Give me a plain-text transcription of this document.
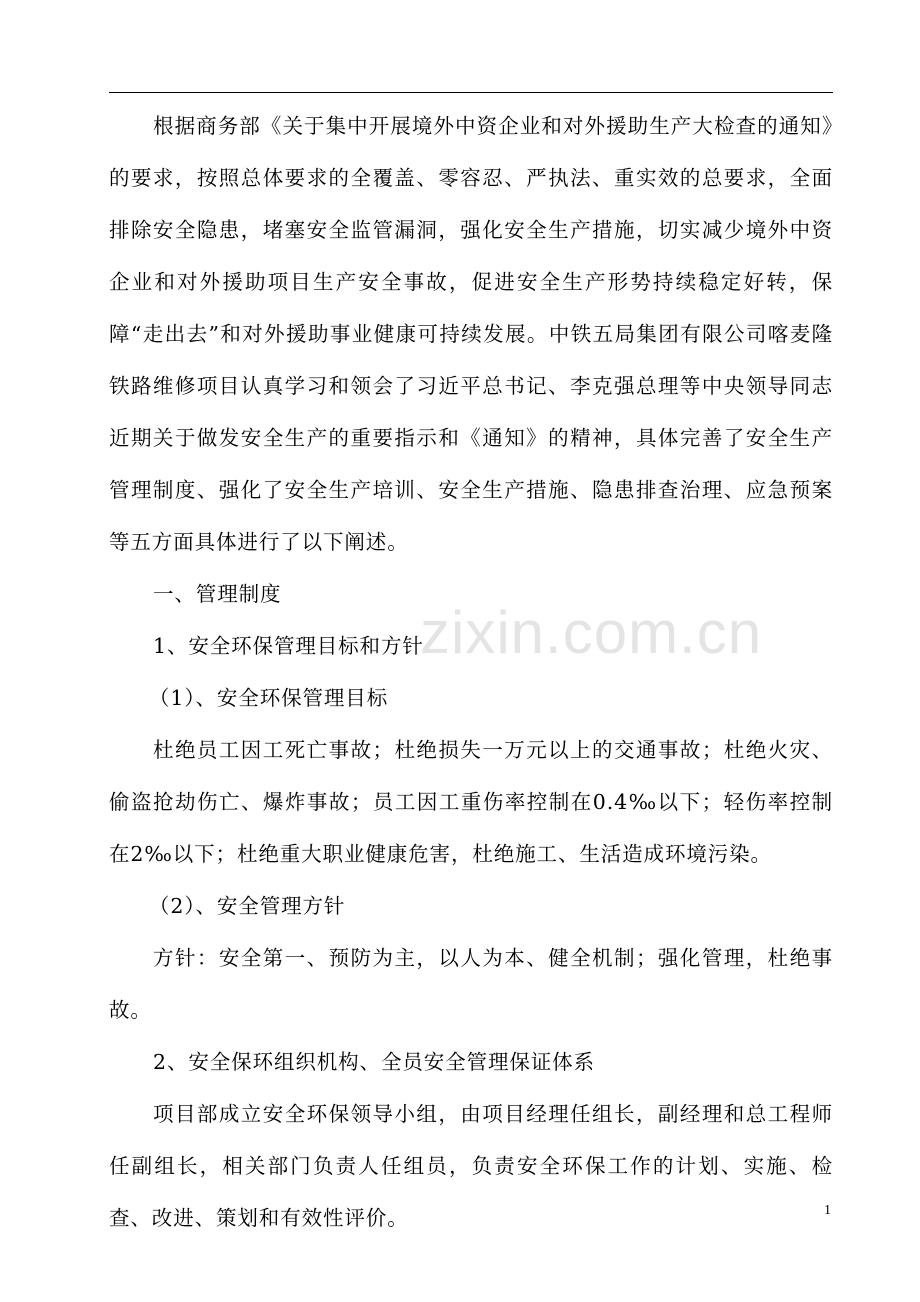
根据商务部《关于集中开展境外中资企业和对外援助生产大检查的通知》的要求，按照总体要求的全覆盖、零容忍、严执法、重实效的总要求，全面排除安全隐患，堵塞安全监管漏洞，强化安全生产措施，切实减少境外中资企业和对外援助项目生产安全事故，促进安全生产形势持续稳定好转，保障“走出去”和对外援助事业健康可持续发展。中铁五局集团有限公司喀麦隆铁路维修项目认真学习和领会了习近平总书记、李克强总理等中央领导同志近期关于做发安全生产的重要指示和《通知》的精神，具体完善了安全生产管理制度、强化了安全生产培训、安全生产措施、隐患排查治理、应急预案等五方面具体进行了以下阐述。

一、管理制度

1、安全环保管理目标和方针

（1）、安全环保管理目标

杜绝员工因工死亡事故；杜绝损失一万元以上的交通事故；杜绝火灾、偷盗抢劫伤亡、爆炸事故；员工因工重伤率控制在0.4‰以下；轻伤率控制在2‰以下；杜绝重大职业健康危害，杜绝施工、生活造成环境污染。

（2）、安全管理方针

方针：安全第一、预防为主，以人为本、健全机制；强化管理，杜绝事故。

2、安全保环组织机构、全员安全管理保证体系

项目部成立安全环保领导小组，由项目经理任组长，副经理和总工程师任副组长，相关部门负责人任组员，负责安全环保工作的计划、实施、检查、改进、策划和有效性评价。

zixin.com.cn
1
